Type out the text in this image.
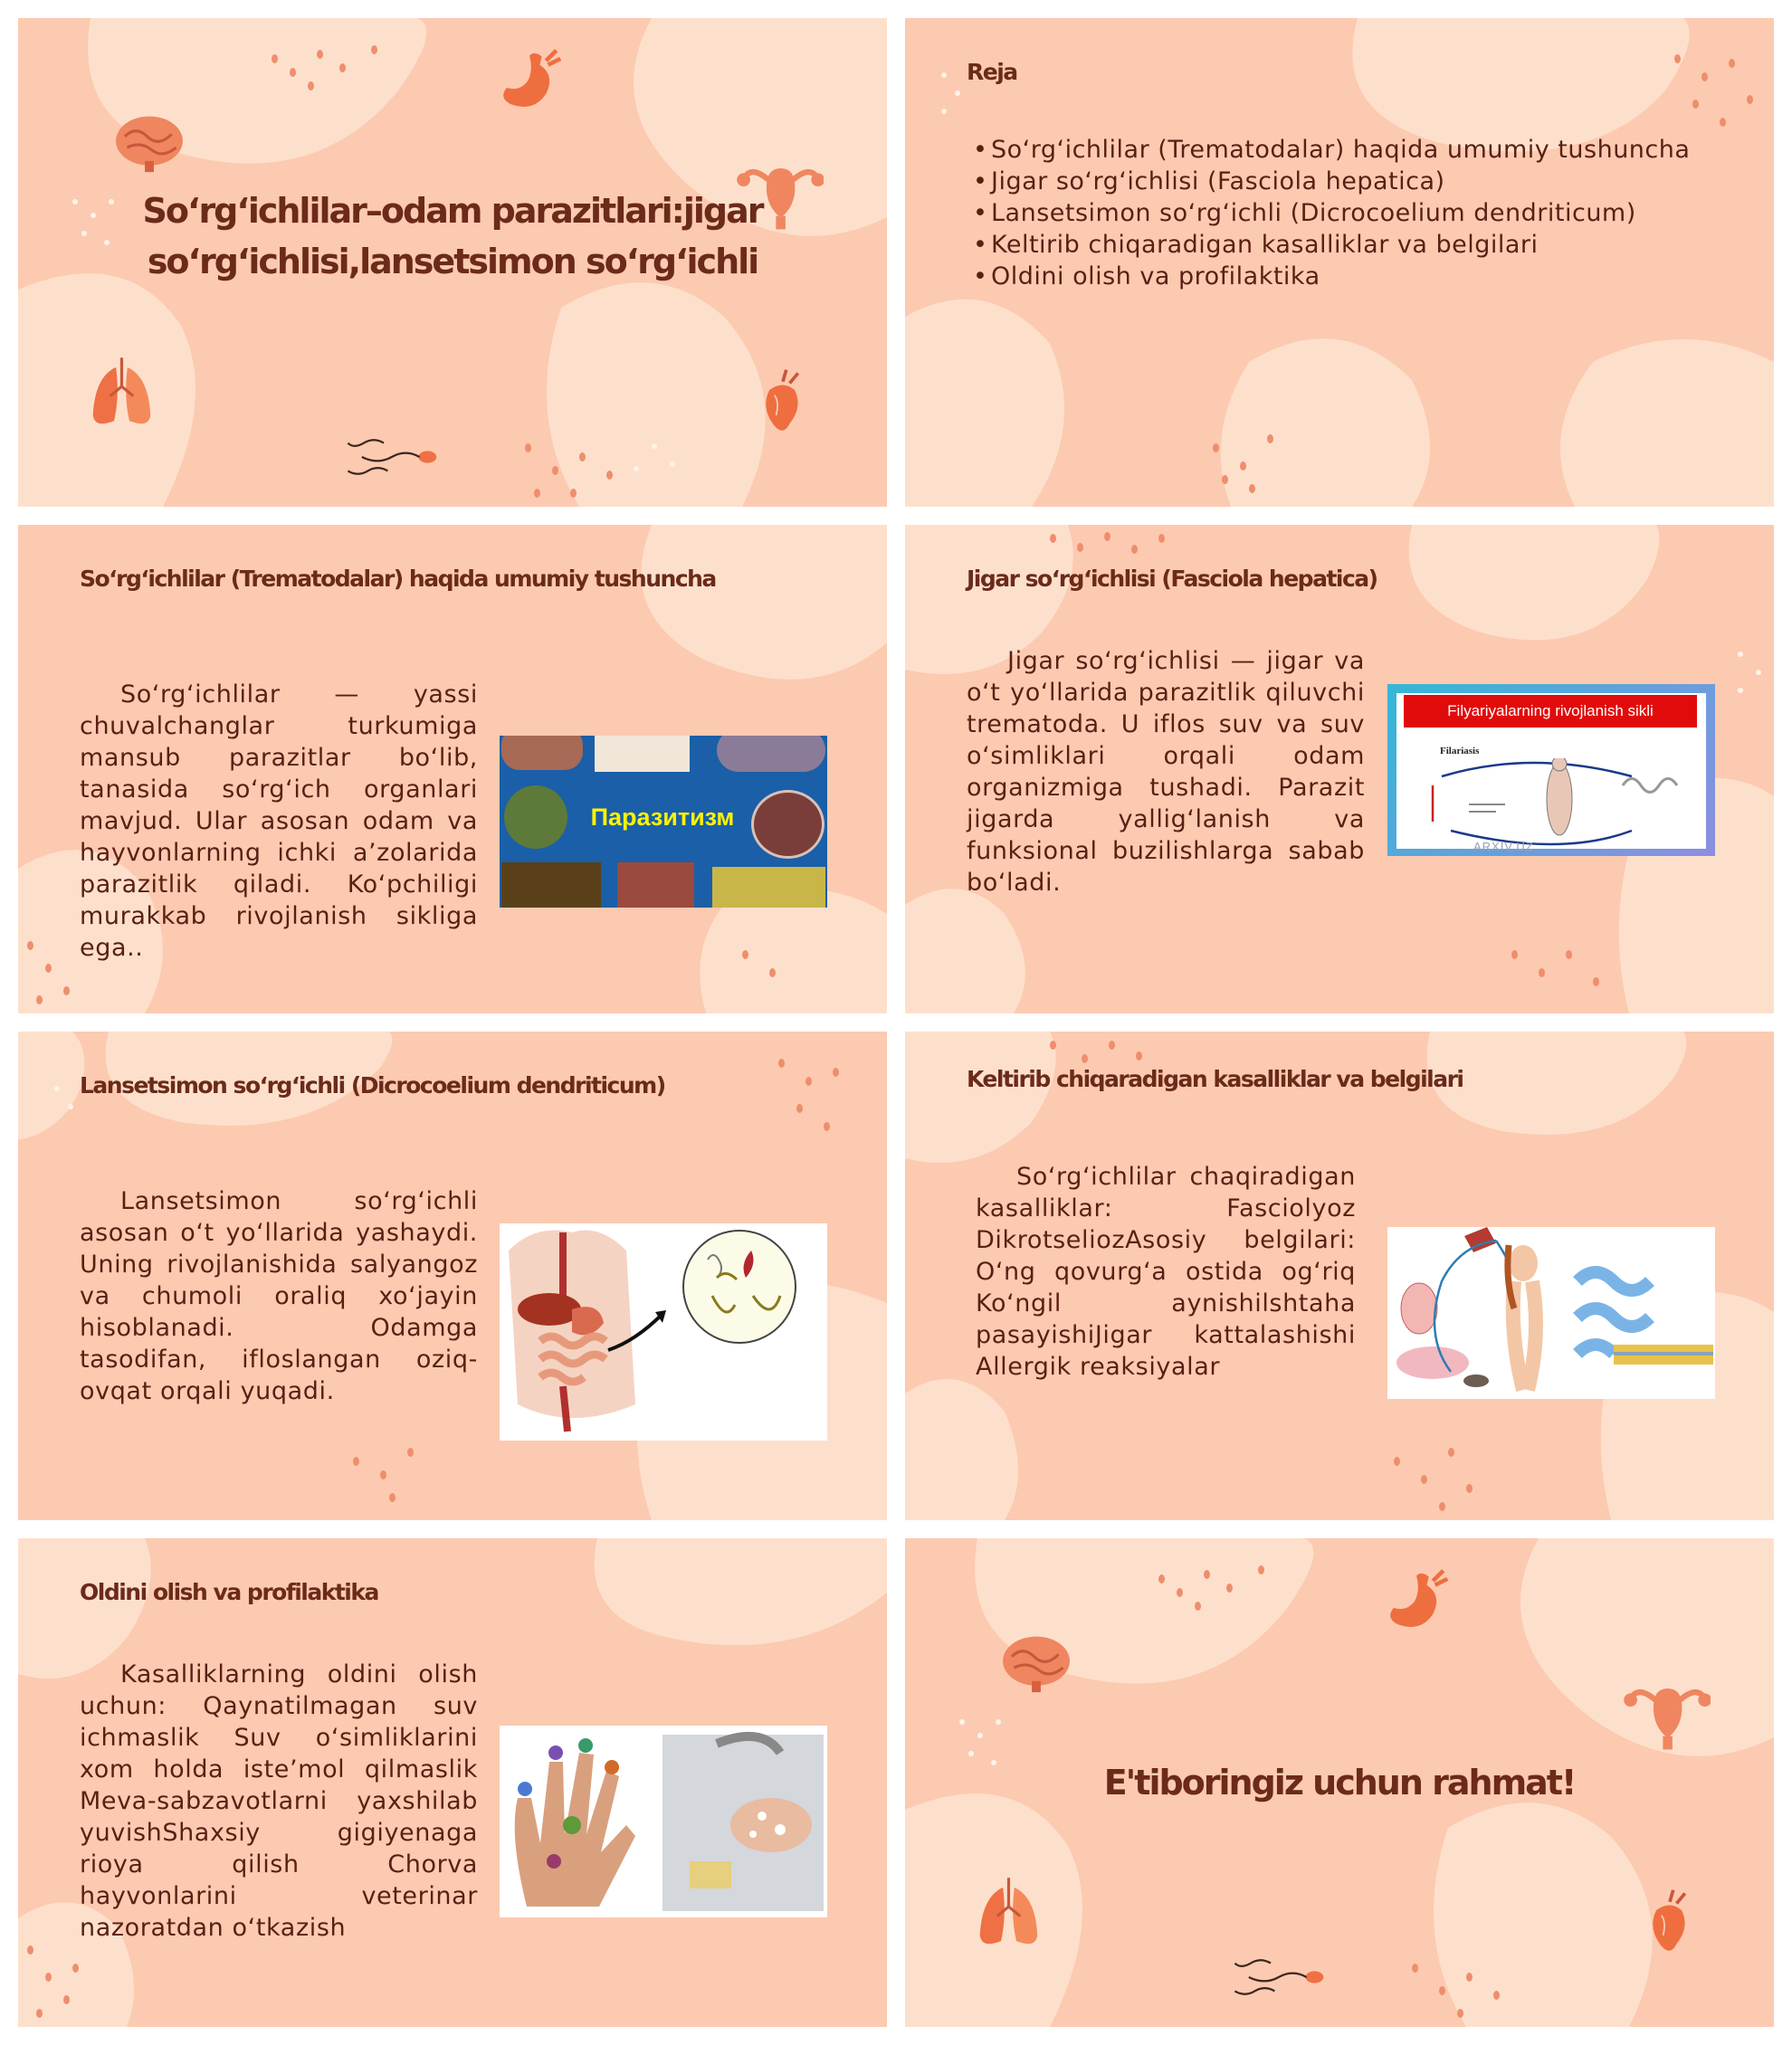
So‘rg‘ichlilar–odam parazitlari:jigar
so‘rg‘ichlisi,lansetsimon so‘rg‘ichli
Reja
• So‘rg‘ichlilar (Trematodalar) haqida umumiy tushuncha
• Jigar so‘rg‘ichlisi (Fasciola hepatica)
• Lansetsimon so‘rg‘ichli (Dicrocoelium dendriticum)
• Keltirib chiqaradigan kasalliklar va belgilari
• Oldini olish va profilaktika
So‘rg‘ichlilar (Trematodalar) haqida umumiy tushuncha
So‘rg‘ichlilar — yassi chuvalchanglar turkumiga mansub parazitlar bo‘lib, tanasida so‘rg‘ich organlari mavjud. Ular asosan odam va hayvonlarning ichki a’zolarida parazitlik qiladi. Ko‘pchiligi murakkab rivojlanish sikliga ega..
Паразитизм
Jigar so‘rg‘ichlisi (Fasciola hepatica)
Jigar so‘rg‘ichlisi — jigar va o‘t yo‘llarida parazitlik qiluvchi trematoda. U iflos suv va suv o‘simliklari orqali odam organizmiga tushadi. Parazit jigarda yallig‘lanish va funksional buzilishlarga sabab bo‘ladi.
Filyariyalarning rivojlanish sikli
Filariasis
ARXIV.UZ
Lansetsimon so‘rg‘ichli (Dicrocoelium dendriticum)
Lansetsimon so‘rg‘ichli asosan o‘t yo‘llarida yashaydi. Uning rivojlanishida salyangoz va chumoli oraliq xo‘jayin hisoblanadi. Odamga tasodifan, ifloslangan oziq-ovqat orqali yuqadi.
Keltirib chiqaradigan kasalliklar va belgilari
So‘rg‘ichlilar chaqiradigan kasalliklar: Fasciolyoz DikrotseliozAsosiy belgilari: O‘ng qovurg‘a ostida og‘riq Ko‘ngil aynishilshtaha pasayishiJigar kattalashishi Allergik reaksiyalar
Oldini olish va profilaktika
Kasalliklarning oldini olish uchun: Qaynatilmagan suv ichmaslik Suv o‘simliklarini xom holda iste’mol qilmaslik Meva-sabzavotlarni yaxshilab yuvishShaxsiy gigiyenaga rioya qilish Chorva hayvonlarini veterinar nazoratdan o‘tkazish
E'tiboringiz uchun rahmat!
